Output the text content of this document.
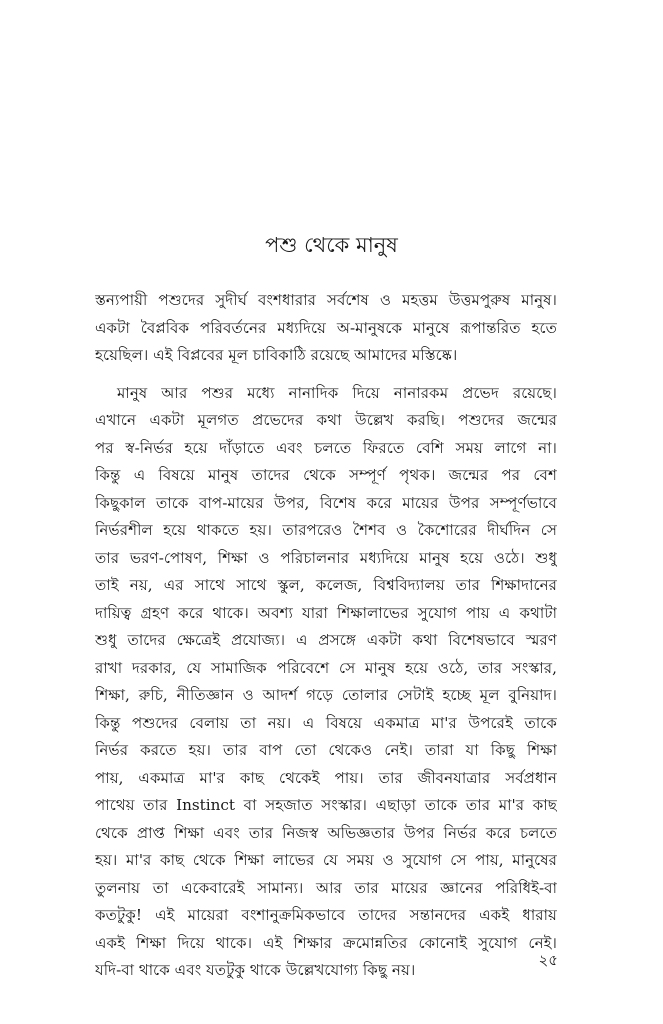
পশু থেকে মানুষ
স্তন্যপায়ী পশুদের সুদীর্ঘ বংশধারার সর্বশেষ ও মহত্তম উত্তমপুরুষ মানুষ।
একটা বৈপ্লবিক পরিবর্তনের মধ্যদিয়ে অ-মানুষকে মানুষে রূপান্তরিত হতে
হয়েছিল। এই বিপ্লবের মূল চাবিকাঠি রয়েছে আমাদের মস্তিষ্কে।
মানুষ আর পশুর মধ্যে নানাদিক দিয়ে নানারকম প্রভেদ রয়েছে।
এখানে একটা মূলগত প্রভেদের কথা উল্লেখ করছি। পশুদের জন্মের
পর স্ব-নির্ভর হয়ে দাঁড়াতে এবং চলতে ফিরতে বেশি সময় লাগে না।
কিন্তু এ বিষয়ে মানুষ তাদের থেকে সম্পূর্ণ পৃথক। জন্মের পর বেশ
কিছুকাল তাকে বাপ-মায়ের উপর, বিশেষ করে মায়ের উপর সম্পূর্ণভাবে
নির্ভরশীল হয়ে থাকতে হয়। তারপরেও শৈশব ও কৈশোরের দীর্ঘদিন সে
তার ভরণ-পোষণ, শিক্ষা ও পরিচালনার মধ্যদিয়ে মানুষ হয়ে ওঠে। শুধু
তাই নয়, এর সাথে সাথে স্কুল, কলেজ, বিশ্ববিদ্যালয় তার শিক্ষাদানের
দায়িত্ব গ্রহণ করে থাকে। অবশ্য যারা শিক্ষালাভের সুযোগ পায় এ কথাটা
শুধু তাদের ক্ষেত্রেই প্রযোজ্য। এ প্রসঙ্গে একটা কথা বিশেষভাবে স্মরণ
রাখা দরকার, যে সামাজিক পরিবেশে সে মানুষ হয়ে ওঠে, তার সংস্কার,
শিক্ষা, রুচি, নীতিজ্ঞান ও আদর্শ গড়ে তোলার সেটাই হচ্ছে মূল বুনিয়াদ।
কিন্তু পশুদের বেলায় তা নয়। এ বিষয়ে একমাত্র মা'র উপরেই তাকে
নির্ভর করতে হয়। তার বাপ তো থেকেও নেই। তারা যা কিছু শিক্ষা
পায়, একমাত্র মা'র কাছ থেকেই পায়। তার জীবনযাত্রার সর্বপ্রধান
পাথেয় তার Instinct বা সহজাত সংস্কার। এছাড়া তাকে তার মা'র কাছ
থেকে প্রাপ্ত শিক্ষা এবং তার নিজস্ব অভিজ্ঞতার উপর নির্ভর করে চলতে
হয়। মা'র কাছ থেকে শিক্ষা লাভের যে সময় ও সুযোগ সে পায়, মানুষের
তুলনায় তা একেবারেই সামান্য। আর তার মায়ের জ্ঞানের পরিধিই-বা
কতটুকু! এই মায়েরা বংশানুক্রমিকভাবে তাদের সন্তানদের একই ধারায়
একই শিক্ষা দিয়ে থাকে। এই শিক্ষার ক্রমোন্নতির কোনোই সুযোগ নেই।
যদি-বা থাকে এবং যতটুকু থাকে উল্লেখযোগ্য কিছু নয়।
২৫
